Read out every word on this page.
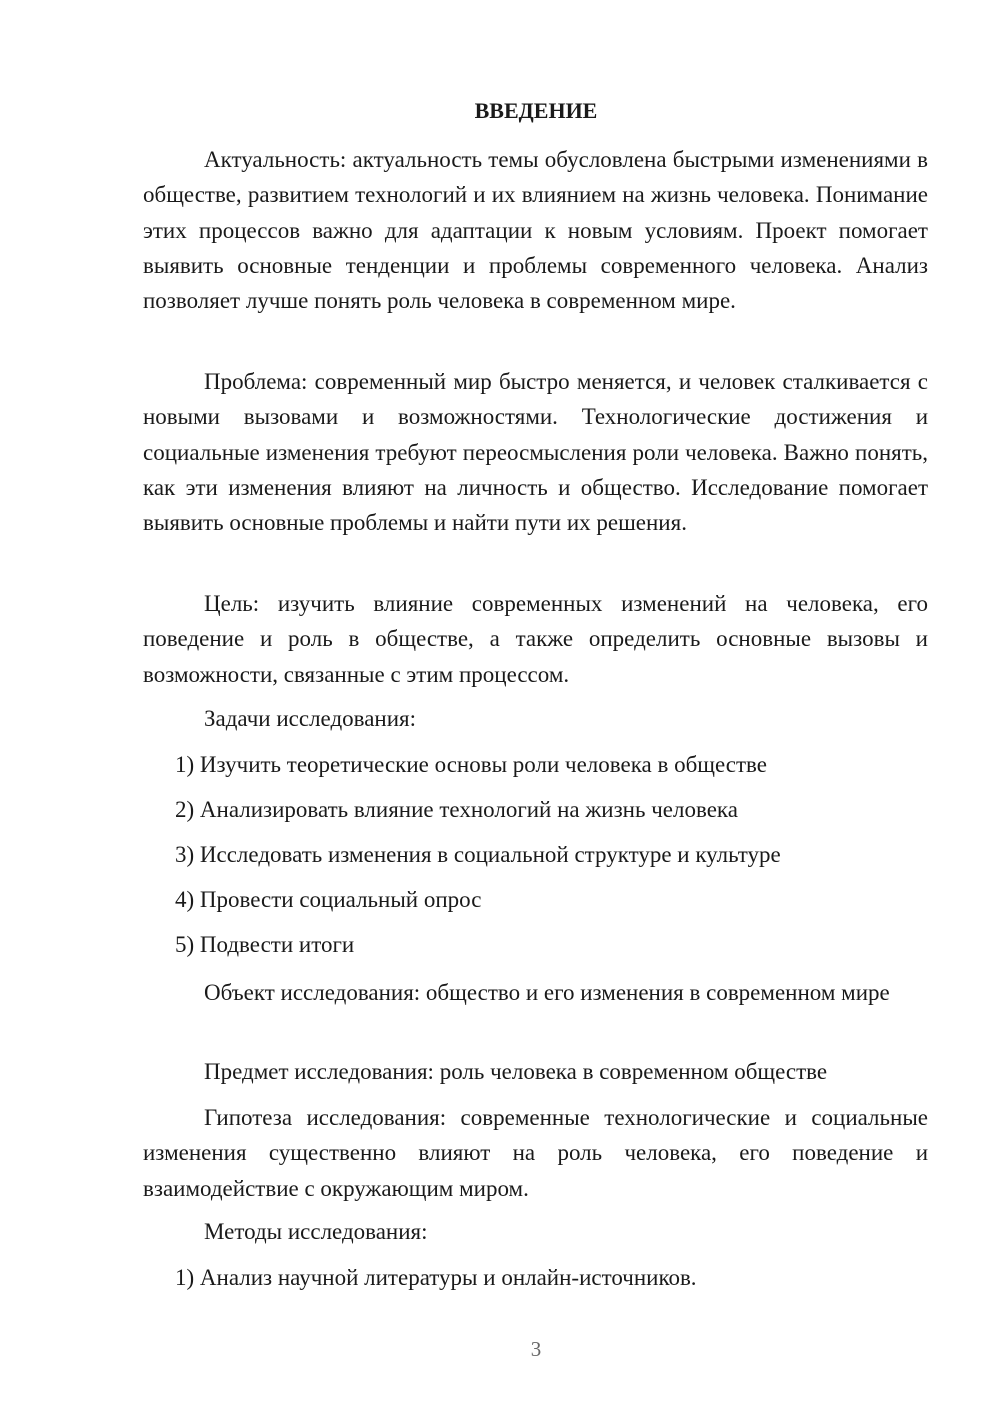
ВВЕДЕНИЕ

Актуальность: актуальность темы обусловлена быстрыми изменениями в обществе, развитием технологий и их влиянием на жизнь человека. Понимание этих процессов важно для адаптации к новым условиям. Проект помогает выявить основные тенденции и проблемы современного человека. Анализ позволяет лучше понять роль человека в современном мире.

Проблема: современный мир быстро меняется, и человек сталкивается с новыми вызовами и возможностями. Технологические достижения и социальные изменения требуют переосмысления роли человека. Важно понять, как эти изменения влияют на личность и общество. Исследование помогает выявить основные проблемы и найти пути их решения.

Цель: изучить влияние современных изменений на человека, его поведение и роль в обществе, а также определить основные вызовы и возможности, связанные с этим процессом.

Задачи исследования:

1) Изучить теоретические основы роли человека в обществе

2) Анализировать влияние технологий на жизнь человека

3) Исследовать изменения в социальной структуре и культуре

4) Провести социальный опрос

5) Подвести итоги

Объект исследования: общество и его изменения в современном мире

Предмет исследования: роль человека в современном обществе

Гипотеза исследования: современные технологические и социальные изменения существенно влияют на роль человека, его поведение и взаимодействие с окружающим миром.

Методы исследования:

1) Анализ научной литературы и онлайн-источников.

3
